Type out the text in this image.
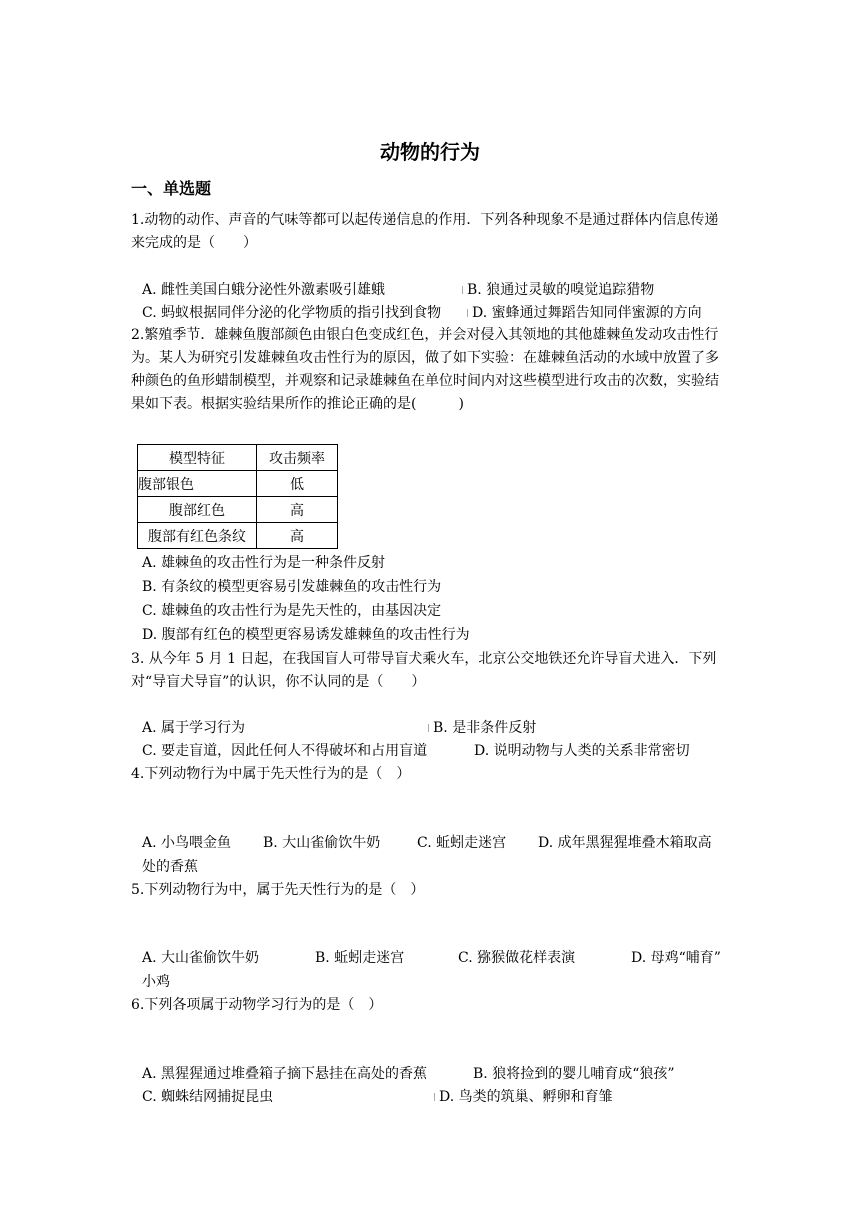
动物的行为
一、单选题
1.动物的动作、声音的气味等都可以起传递信息的作用．下列各种现象不是通过群体内信息传递来完成的是（　　）
A. 雌性美国白蛾分泌性外激素吸引雄蛾	B. 狼通过灵敏的嗅觉追踪猎物
C. 蚂蚁根据同伴分泌的化学物质的指引找到食物	D. 蜜蜂通过舞蹈告知同伴蜜源的方向
2.繁殖季节．雄棘鱼腹部颜色由银白色变成红色，并会对侵入其领地的其他雄棘鱼发动攻击性行为。某人为研究引发雄棘鱼攻击性行为的原因，做了如下实验：在雄棘鱼活动的水域中放置了多种颜色的鱼形蜡制模型，并观察和记录雄棘鱼在单位时间内对这些模型进行攻击的次数，实验结果如下表。根据实验结果所作的推论正确的是(　　　)
模型特征	攻击频率
腹部银色	低
腹部红色	高
腹部有红色条纹	高
A. 雄棘鱼的攻击性行为是一种条件反射
B. 有条纹的模型更容易引发雄棘鱼的攻击性行为
C. 雄棘鱼的攻击性行为是先天性的，由基因决定
D. 腹部有红色的模型更容易诱发雄棘鱼的攻击性行为
3. 从今年 5 月 1 日起，在我国盲人可带导盲犬乘火车，北京公交地铁还允许导盲犬进入．下列对“导盲犬导盲”的认识，你不认同的是（　　）
A. 属于学习行为	B. 是非条件反射
C. 要走盲道，因此任何人不得破坏和占用盲道	D. 说明动物与人类的关系非常密切
4.下列动物行为中属于先天性行为的是（　）
A. 小鸟喂金鱼 B. 大山雀偷饮牛奶	C. 蚯蚓走迷宫 D. 成年黑猩猩堆叠木箱取高
处的香蕉
5.下列动物行为中，属于先天性行为的是（　）
A. 大山雀偷饮牛奶	B. 蚯蚓走迷宫	C. 猕猴做花样表演	D. 母鸡“哺育”
小鸡
6.下列各项属于动物学习行为的是（　）
A. 黑猩猩通过堆叠箱子摘下悬挂在高处的香蕉	B. 狼将捡到的婴儿哺育成“狼孩”
C. 蜘蛛结网捕捉昆虫	D. 鸟类的筑巢、孵卵和育雏
